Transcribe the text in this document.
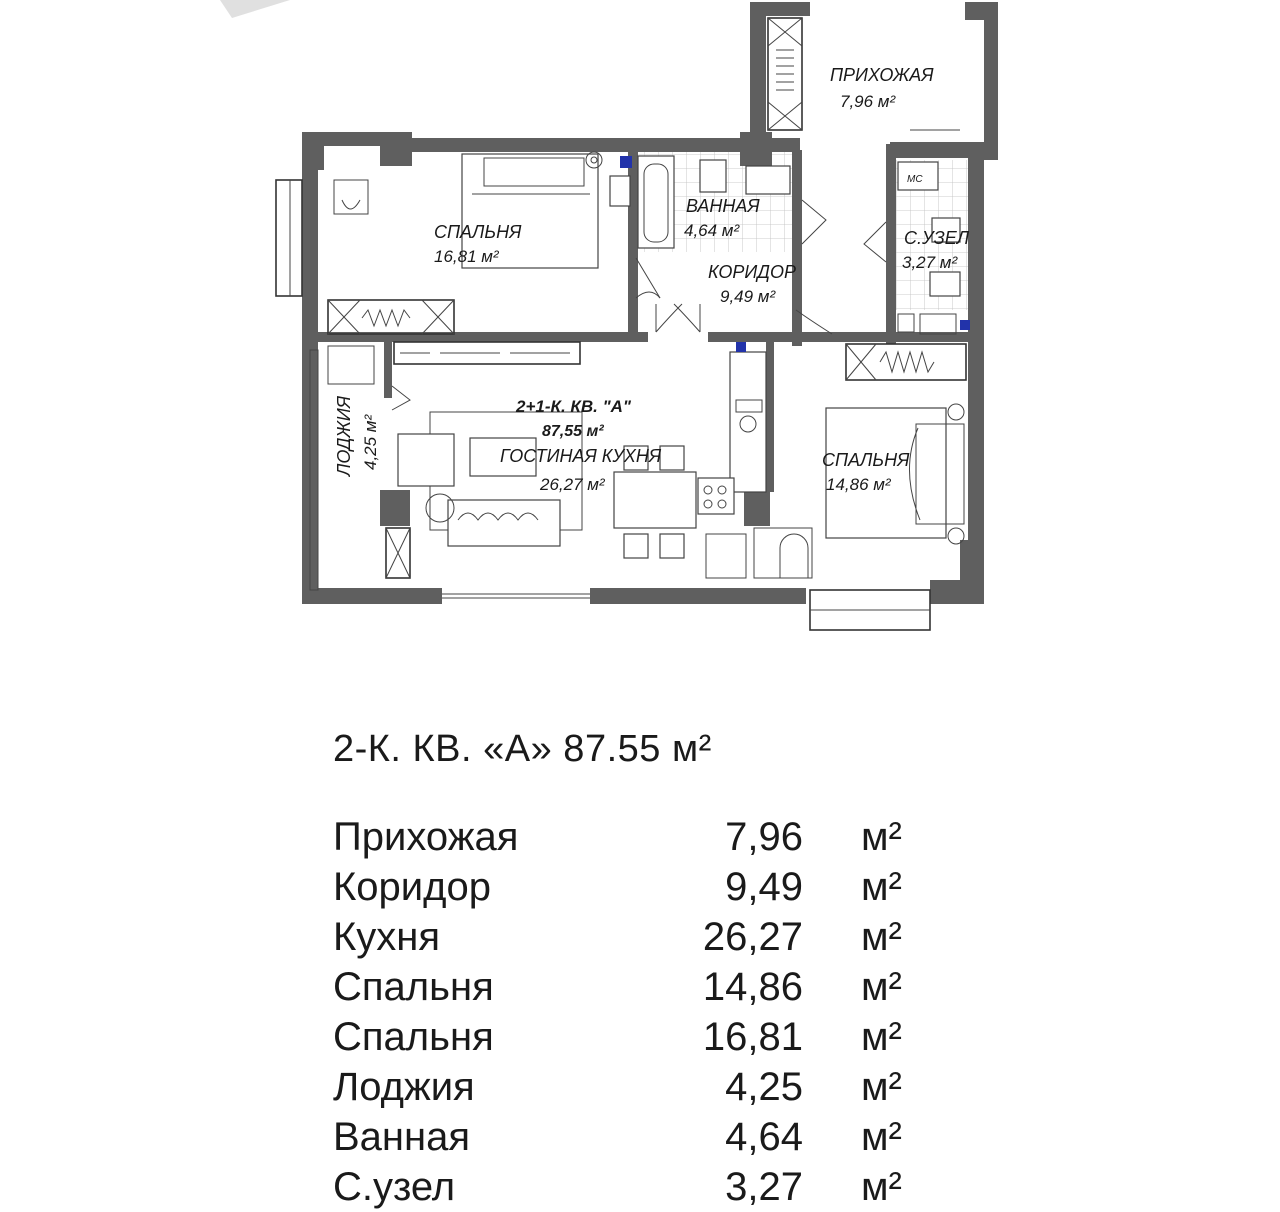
ПРИХОЖАЯ
7,96 м²
СПАЛЬНЯ
16,81 м²
ВАННАЯ
4,64 м²	С.УЗЕЛ
3,27 м²
КОРИДОР
9,49 м²
2+1-К. КВ. "А"
87,55 м²
ГОСТИНАЯ КУХНЯ
26,27 м²
СПАЛЬНЯ
14,86 м²
ЛОДЖИЯ 4,25 м²
МС
2-К. КВ. «А» 87.55 м²
Прихожая	7,96 м²
Коридор	9,49 м²
Кухня	26,27 м²
Спальня	14,86 м²
Спальня	16,81 м²
Лоджия	4,25 м²
Ванная	4,64 м²
С.узел	3,27 м²
